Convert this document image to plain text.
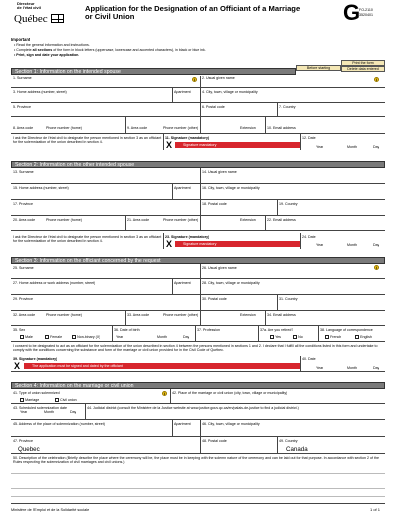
Directeur
de l'état civil
Québec
Application for the Designation of an Officiant of a Marriage
or Civil Union	G
FO-2110
3520401
Important
• Read the general information and instructions.
• Complete all sections of the form in block letters (uppercase, lowercase and accented characters), in black or blue ink.
• Print, sign and date your application.
Before starting
Print the form
Delete data entered
Section 1: Information on the intended spouse
i	i
1. Surname	2. Usual given name
3. Home address (number, street)	Apartment	4. City, town, village or municipality
5. Province	6. Postal code	7. Country
8. Area code	Phone number (home)	9. Area code	Phone number (other)	Extension	10. Email address
I ask the Directeur de l'état civil to designate the person mentioned in section 3 as an officiant for the solemnization of the union described in section 4.
11. Signature (mandatory)
X	Signature mandatory
12. Date
Year	Month	Day
Section 2: Information on the other intended spouse
13. Surname	14. Usual given name
15. Home address (number, street)	Apartment	16. City, town, village or municipality
17. Province	18. Postal code	19. Country
20. Area code	Phone number (home)	21. Area code	Phone number (other)	Extension	22. Email address
I ask the Directeur de l'état civil to designate the person mentioned in section 3 as an officiant for the solemnization of the union described in section 4.
23. Signature (mandatory)
X	Signature mandatory
24. Date
Year	Month	Day
Section 3: Information on the officiant concerned by the request
i
25. Surname	26. Usual given name
27. Home address or work address (number, street)	Apartment	28. City, town, village or municipality
29. Province	30. Postal code	31. Country
32. Area code	Phone number (home)	33. Area code	Phone number (other)	Extension	34. Email address
35. Sex
Male	Female	Non-binary (X)
36. Date of birth
Year	Month	Day
37. Profession	37a. Are you retired?
Yes	No
38. Language of correspondence
French	English
I consent to be designated to act as an officiant for the solemnization of the union described in section 4 between the persons mentioned in sections 1 and 2. I declare that I fulfill all the conditions listed in this form and undertake to comply with the conditions concerning the substance and form of the marriage or civil union provided for in the Civil Code of Québec.
39. Signature (mandatory)
X	The application must be signed and dated by the officiant
40. Date
Year	Month	Day
Section 4: Information on the marriage or civil union
41. Type of union solemnized
Marriage	Civil union
i	42. Place of the marriage or civil union (city, town, village or municipality)
43. Scheduled solemnization date
Year	Month	Day
44. Judicial district (consult the Ministère de la Justice website at www.justice.gouv.qc.ca/en/palais-de-justice to find a judicial district.)
45. Address of the place of solemnization (number, street)	Apartment	46. City, town, village or municipality
47. Province
Quebec
48. Postal code	49. Country
Canada
50. Description of the celebration (Briefly describe the place where the ceremony will be, the place must be in keeping with the solemn nature of the ceremony and can be laid out for that purpose. In accordance with section 2 of the Rules respecting the solemnization of civil marriages and civil unions.)
Ministère de l'Emploi et de la Solidarité sociale	1 of 1
